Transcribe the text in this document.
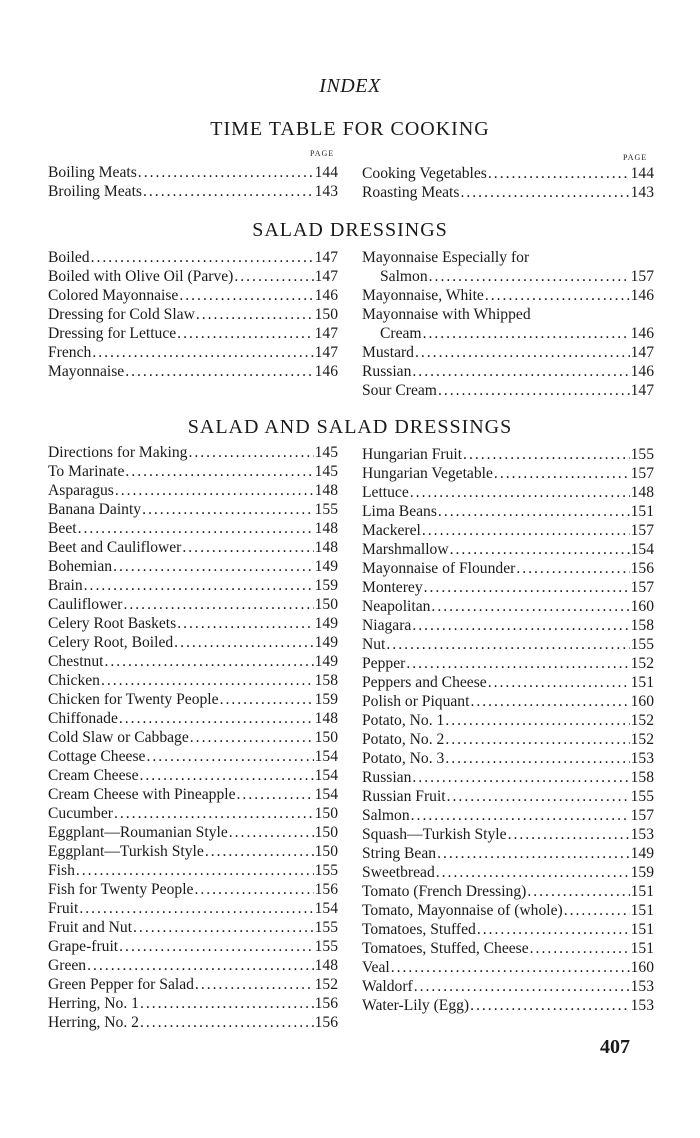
INDEX
TIME TABLE FOR COOKING
PAGE	PAGE
Boiling Meats .....	144
Broiling Meats .....	143
Cooking Vegetables .....	144
Roasting Meats .....	143
SALAD DRESSINGS
Boiled .....	147
Boiled with Olive Oil (Parve) .....	147
Colored Mayonnaise .....	146
Dressing for Cold Slaw .....	150
Dressing for Lettuce .....	147
French .....	147
Mayonnaise .....	146
Mayonnaise Especially for
Salmon .....	157
Mayonnaise, White .....	146
Mayonnaise with Whipped
Cream .....	146
Mustard .....	147
Russian .....	146
Sour Cream .....	147
SALAD AND SALAD DRESSINGS
Directions for Making .....	145
To Marinate .....	145
Asparagus .....	148
Banana Dainty .....	155
Beet .....	148
Beet and Cauliflower .....	148
Bohemian .....	149
Brain .....	159
Cauliflower .....	150
Celery Root Baskets .....	149
Celery Root, Boiled .....	149
Chestnut .....	149
Chicken .....	158
Chicken for Twenty People .....	159
Chiffonade .....	148
Cold Slaw or Cabbage .....	150
Cottage Cheese .....	154
Cream Cheese .....	154
Cream Cheese with Pineapple .....	154
Cucumber .....	150
Eggplant—Roumanian Style .....	150
Eggplant—Turkish Style .....	150
Fish .....	155
Fish for Twenty People .....	156
Fruit .....	154
Fruit and Nut .....	155
Grape-fruit .....	155
Green .....	148
Green Pepper for Salad .....	152
Herring, No. 1 .....	156
Herring, No. 2 .....	156
Hungarian Fruit .....	155
Hungarian Vegetable .....	157
Lettuce .....	148
Lima Beans .....	151
Mackerel .....	157
Marshmallow .....	154
Mayonnaise of Flounder .....	156
Monterey .....	157
Neapolitan .....	160
Niagara .....	158
Nut .....	155
Pepper .....	152
Peppers and Cheese .....	151
Polish or Piquant .....	160
Potato, No. 1 .....	152
Potato, No. 2 .....	152
Potato, No. 3 .....	153
Russian .....	158
Russian Fruit .....	155
Salmon .....	157
Squash—Turkish Style .....	153
String Bean .....	149
Sweetbread .....	159
Tomato (French Dressing) .....	151
Tomato, Mayonnaise of (whole) .....	151
Tomatoes, Stuffed .....	151
Tomatoes, Stuffed, Cheese .....	151
Veal .....	160
Waldorf .....	153
Water-Lily (Egg) .....	153
407
